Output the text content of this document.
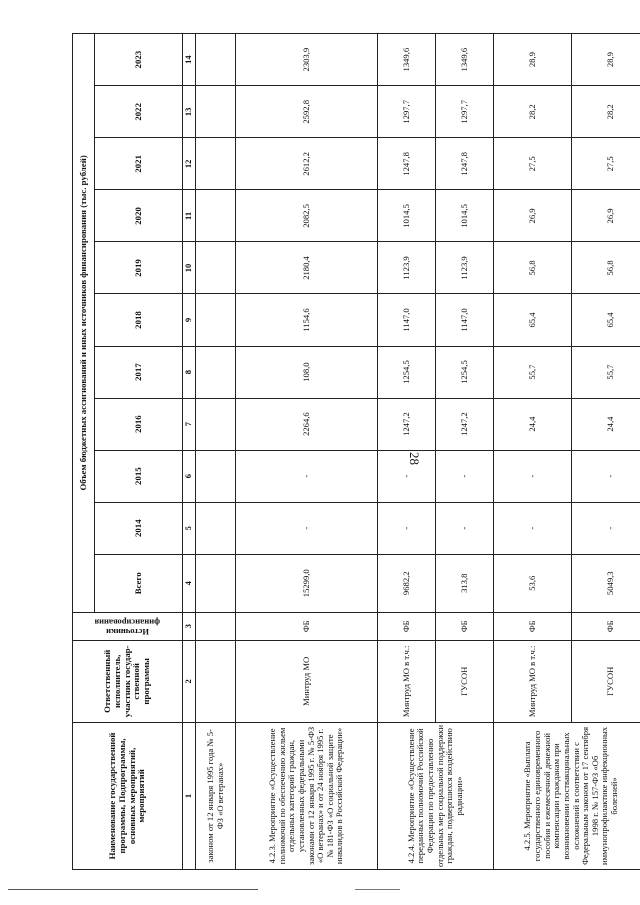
28
Наименование государственной программы, Подпрограммы, основных мероприятий, мероприятий	Ответственный исполнитель, участник государ-ственной программы	Источники финансирования	Объем бюджетных ассигнований и иных источников финансирования (тыс. рублей)										
			Всего	2014	2015	2016	2017	2018	2019	2020	2021	2022	2023
1	2	3	4	5	6	7	8	9	10	11	12	13	14
законом от 12 января 1995 года № 5-ФЗ «О ветеранах»													
4.2.3. Мероприятие «Осуществление полномочий по обеспечению жильем отдельных категорий граждан, установленных федеральными законами от 12 января 1995 г. № 5-ФЗ «О ветеранах» и от 24 ноября 1995 г. № 181-ФЗ «О социальной защите инвалидов в Российской Федерации»	Минтруд МО	ФБ	15299,0	-	-	2264,6	108,0	1154,6	2180,4	2082,5	2612,2	2592,8	2303,9
4.2.4. Мероприятие «Осуществление переданных полномочий Российской Федерации по предоставлению отдельных мер социальной поддержки граждан, подвергшихся воздействию радиации»	Минтруд МО в т.ч.:	ФБ	9682,2	-	-	1247,2	1254,5	1147,0	1123,9	1014,5	1247,8	1297,7	1349,6
	ГУСОН	ФБ	313,8	-	-	1247,2	1254,5	1147,0	1123,9	1014,5	1247,8	1297,7	1349,6
4.2.5. Мероприятие «Выплата государственного единовременного пособия и ежемесячной денежной компенсации гражданам при возникновении поствакцинальных осложнений в соответствии с Федеральным законом от 17 сентября 1998 г. № 157-ФЗ «Об иммунопрофилактике инфекционных болезней»	Минтруд МО в т.ч.:	ФБ	53,6	-	-	24,4	55,7	65,4	56,8	26,9	27,5	28,2	28,9
	ГУСОН	ФБ	5049,3	-	-	24,4	55,7	65,4	56,8	26,9	27,5	28,2	28,9
